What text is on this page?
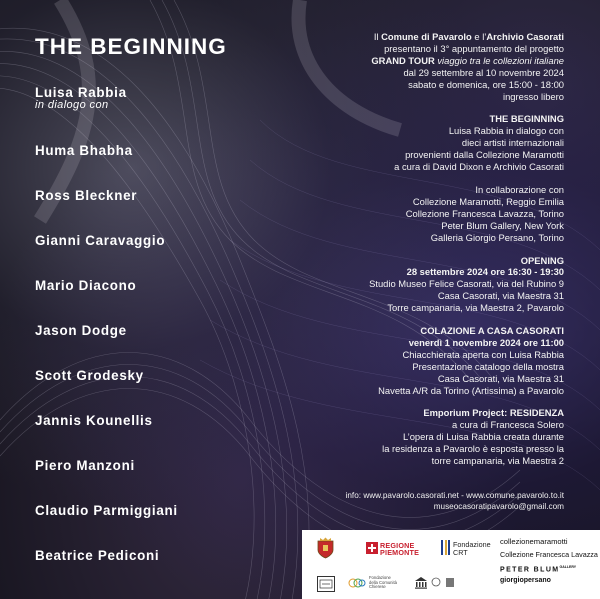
THE BEGINNING
Luisa Rabbia
in dialogo con
Huma Bhabha
Ross Bleckner
Gianni Caravaggio
Mario Diacono
Jason Dodge
Scott Grodesky
Jannis Kounellis
Piero Manzoni
Claudio Parmiggiani
Beatrice Pediconi

Il Comune di Pavarolo e l’Archivio Casorati

presentano il 3° appuntamento del progetto

GRAND TOUR viaggio tra le collezioni italiane

dal 29 settembre al 10 novembre 2024

sabato e domenica, ore 15:00 - 18:00

ingresso libero

THE BEGINNING

Luisa Rabbia in dialogo con

dieci artisti internazionali

provenienti dalla Collezione Maramotti

a cura di David Dixon e Archivio Casorati

In collaborazione con

Collezione Maramotti, Reggio Emilia

Collezione Francesca Lavazza, Torino

Peter Blum Gallery, New York

Galleria Giorgio Persano, Torino

OPENING

28 settembre 2024 ore 16:30 - 19:30

Studio Museo Felice Casorati, via del Rubino 9

Casa Casorati, via Maestra 31

Torre campanaria, via Maestra 2, Pavarolo

COLAZIONE A CASA CASORATI

venerdì 1 novembre 2024 ore 11:00

Chiacchierata aperta con Luisa Rabbia

Presentazione catalogo della mostra

Casa Casorati, via Maestra 31

Navetta A/R da Torino (Artissima) a Pavarolo

Emporium Project: RESIDENZA

a cura di Francesca Solero

L’opera di Luisa Rabbia creata durante

la residenza a Pavarolo è esposta presso la

torre campanaria, via Maestra 2

info: www.pavarolo.casorati.net - www.comune.pavarolo.to.it
museocasoratipavarolo@gmail.com
REGIONE
PIEMONTE
Fondazione
CRT
collezionemaramotti
Collezione Francesca Lavazza
PETER $BLUM^{GALLERY}$
giorgiopersano
Fondazione
della Comunità
Chierese
